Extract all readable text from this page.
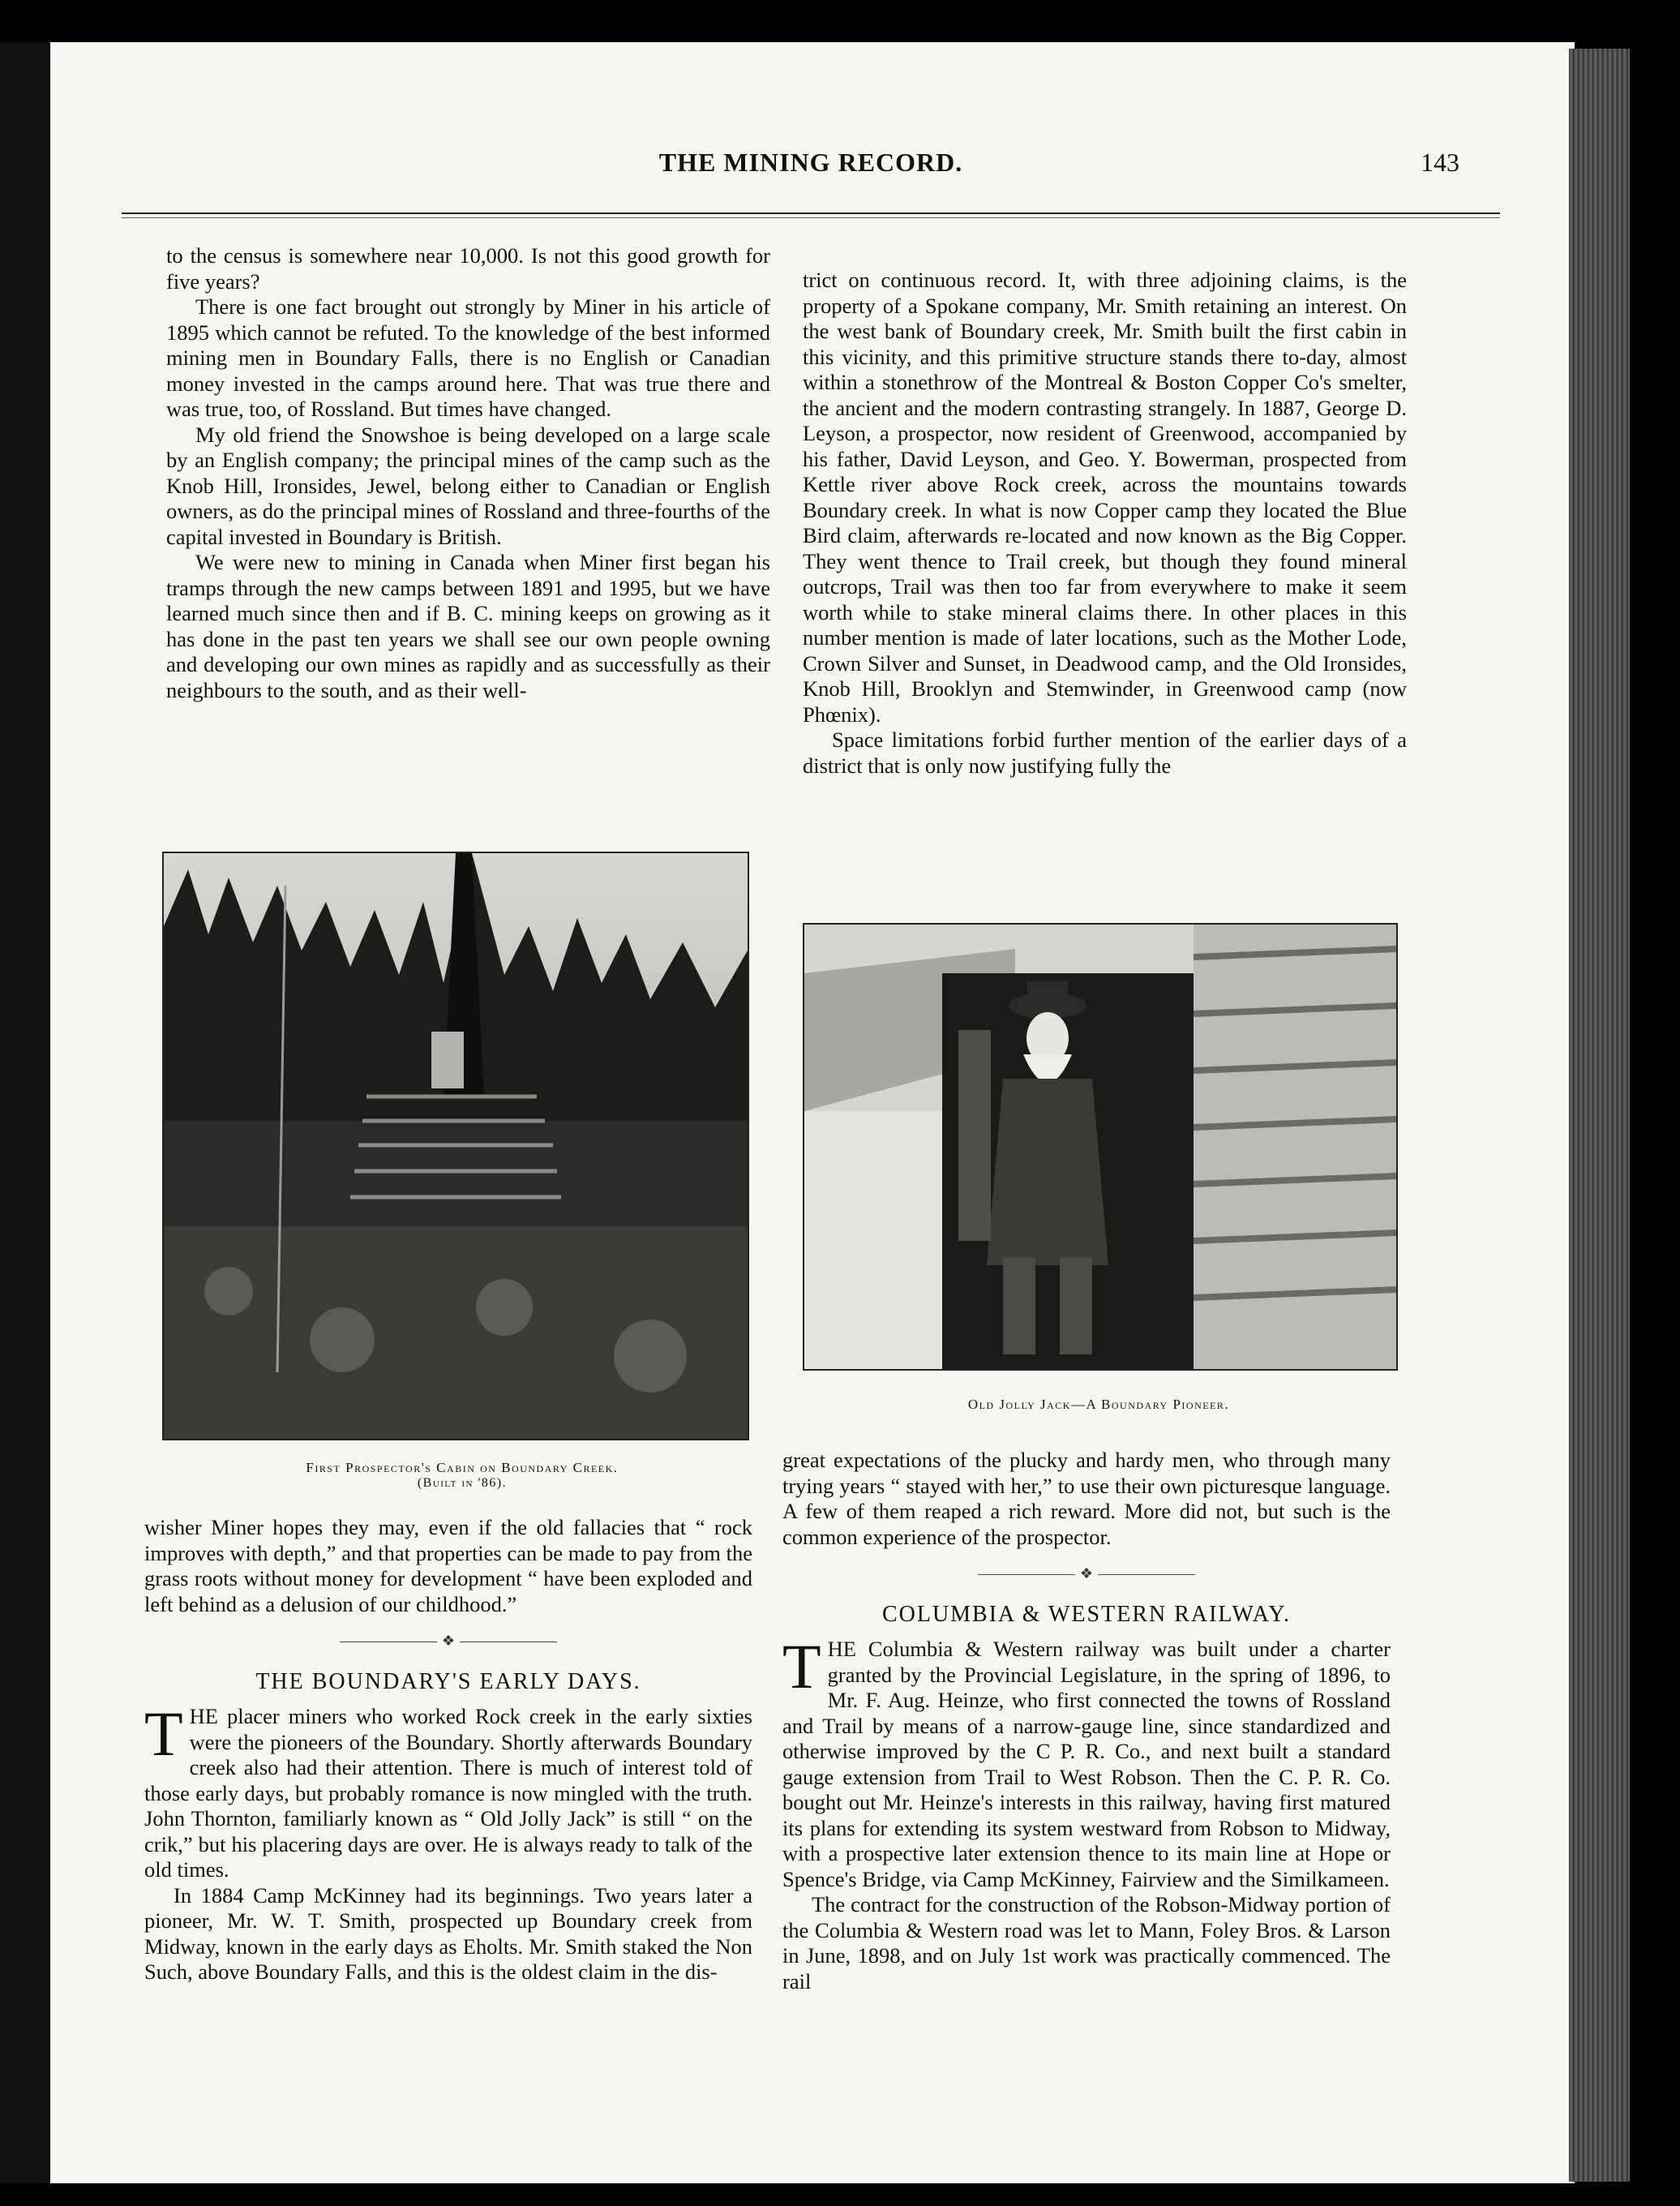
THE MINING RECORD.	143

to the census is somewhere near 10,000. Is not this good growth for five years?

There is one fact brought out strongly by Miner in his article of 1895 which cannot be refuted. To the knowledge of the best informed mining men in Boundary Falls, there is no English or Canadian money invested in the camps around here. That was true there and was true, too, of Rossland. But times have changed.

My old friend the Snowshoe is being developed on a large scale by an English company; the principal mines of the camp such as the Knob Hill, Ironsides, Jewel, belong either to Canadian or English owners, as do the principal mines of Rossland and three-fourths of the capital invested in Boundary is British.

We were new to mining in Canada when Miner first began his tramps through the new camps between 1891 and 1995, but we have learned much since then and if B. C. mining keeps on growing as it has done in the past ten years we shall see our own people owning and developing our own mines as rapidly and as successfully as their neighbours to the south, and as their well-

First Prospector's Cabin on Boundary Creek.
(Built in '86).

wisher Miner hopes they may, even if the old fallacies that “ rock improves with depth,” and that properties can be made to pay from the grass roots without money for development “ have been exploded and left behind as a delusion of our childhood.”

❖
THE BOUNDARY'S EARLY DAYS.

THE placer miners who worked Rock creek in the early sixties were the pioneers of the Boundary. Shortly afterwards Boundary creek also had their attention. There is much of interest told of those early days, but probably romance is now mingled with the truth. John Thornton, familiarly known as “ Old Jolly Jack” is still “ on the crik,” but his placering days are over. He is always ready to talk of the old times.

In 1884 Camp McKinney had its beginnings. Two years later a pioneer, Mr. W. T. Smith, prospected up Boundary creek from Midway, known in the early days as Eholts. Mr. Smith staked the Non Such, above Boundary Falls, and this is the oldest claim in the dis-

trict on continuous record. It, with three adjoining claims, is the property of a Spokane company, Mr. Smith retaining an interest. On the west bank of Boundary creek, Mr. Smith built the first cabin in this vicinity, and this primitive structure stands there to-day, almost within a stonethrow of the Montreal & Boston Copper Co's smelter, the ancient and the modern contrasting strangely. In 1887, George D. Leyson, a prospector, now resident of Greenwood, accompanied by his father, David Leyson, and Geo. Y. Bowerman, prospected from Kettle river above Rock creek, across the mountains towards Boundary creek. In what is now Copper camp they located the Blue Bird claim, afterwards re-located and now known as the Big Copper. They went thence to Trail creek, but though they found mineral outcrops, Trail was then too far from everywhere to make it seem worth while to stake mineral claims there. In other places in this number mention is made of later locations, such as the Mother Lode, Crown Silver and Sunset, in Deadwood camp, and the Old Ironsides, Knob Hill, Brooklyn and Stemwinder, in Greenwood camp (now Phœnix).

Space limitations forbid further mention of the earlier days of a district that is only now justifying fully the

Old Jolly Jack—A Boundary Pioneer.

great expectations of the plucky and hardy men, who through many trying years “ stayed with her,” to use their own picturesque language. A few of them reaped a rich reward. More did not, but such is the common experience of the prospector.

❖
COLUMBIA & WESTERN RAILWAY.

THE Columbia & Western railway was built under a charter granted by the Provincial Legislature, in the spring of 1896, to Mr. F. Aug. Heinze, who first connected the towns of Rossland and Trail by means of a narrow-gauge line, since standardized and otherwise improved by the C P. R. Co., and next built a standard gauge extension from Trail to West Robson. Then the C. P. R. Co. bought out Mr. Heinze's interests in this railway, having first matured its plans for extending its system westward from Robson to Midway, with a prospective later extension thence to its main line at Hope or Spence's Bridge, via Camp McKinney, Fairview and the Similkameen.

The contract for the construction of the Robson-Midway portion of the Columbia & Western road was let to Mann, Foley Bros. & Larson in June, 1898, and on July 1st work was practically commenced. The rail
